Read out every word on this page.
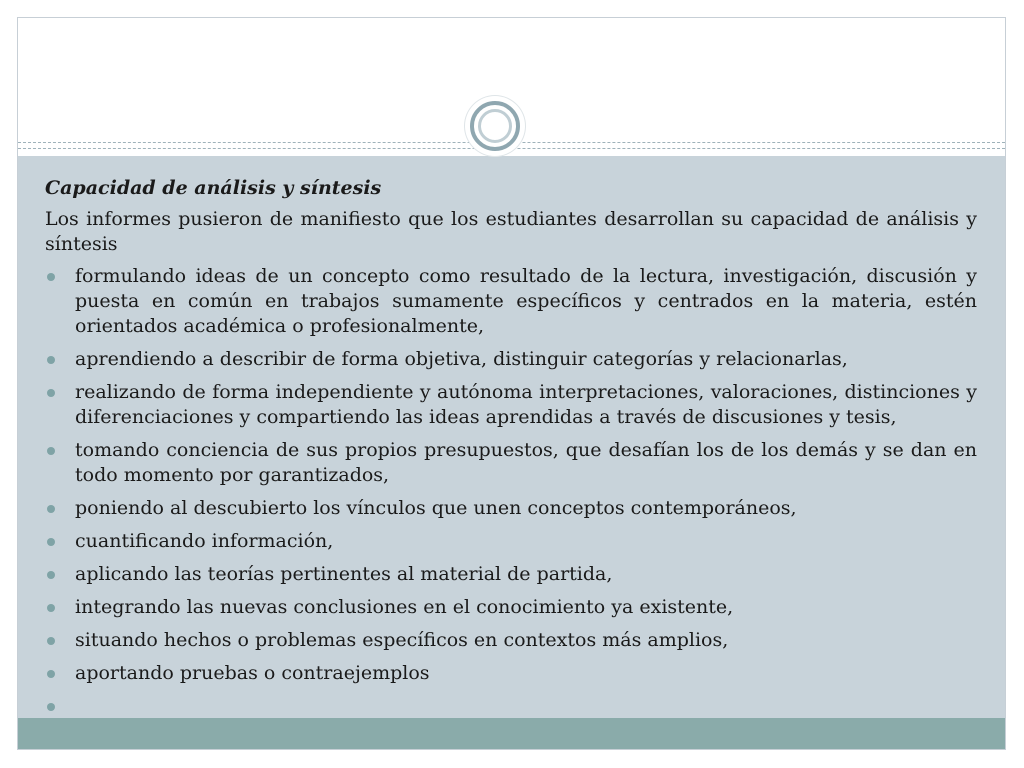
Capacidad de análisis y síntesis

Los informes pusieron de manifiesto que los estudiantes desarrollan su capacidad de análisis y síntesis

formulando ideas de un concepto como resultado de la lectura, investigación, discusión y puesta en común en trabajos sumamente específicos y centrados en la materia, estén orientados académica o profesionalmente,
aprendiendo a describir de forma objetiva, distinguir categorías y relacionarlas,
realizando de forma independiente y autónoma interpretaciones, valoraciones, distinciones y diferenciaciones y compartiendo las ideas aprendidas a través de discusiones y tesis,
tomando conciencia de sus propios presupuestos, que desafían los de los demás y se dan en todo momento por garantizados,
poniendo al descubierto los vínculos que unen conceptos contemporáneos,
cuantificando información,
aplicando las teorías pertinentes al material de partida,
integrando las nuevas conclusiones en el conocimiento ya existente,
situando hechos o problemas específicos en contextos más amplios,
aportando pruebas o contraejemplos
